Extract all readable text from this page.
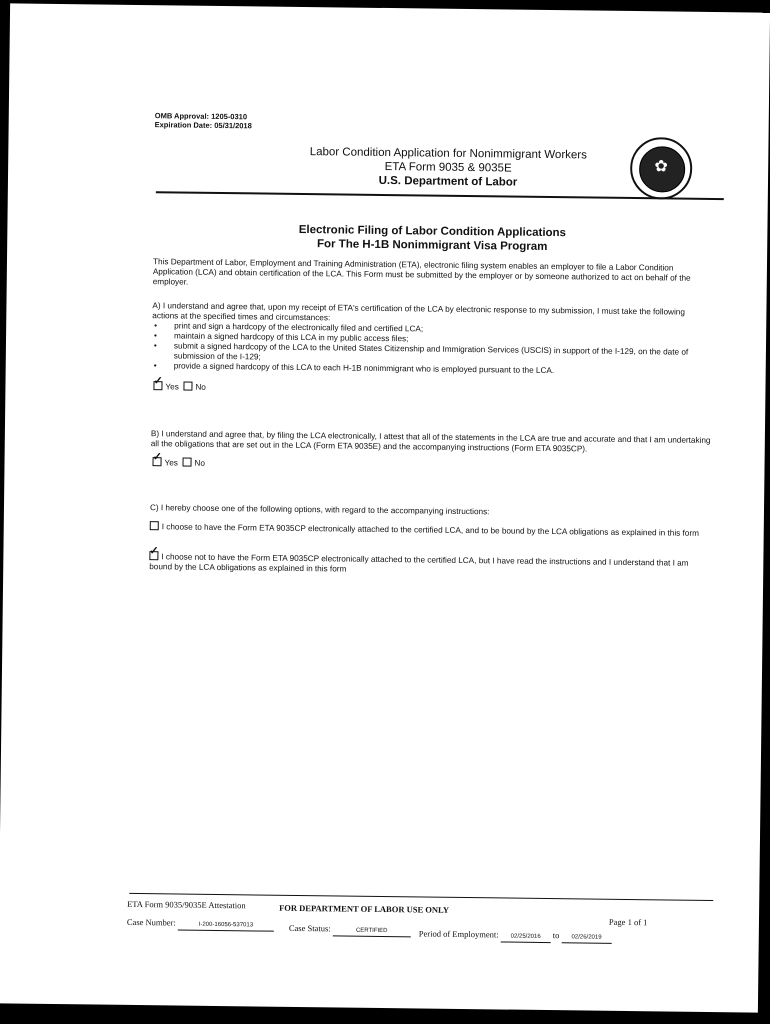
OMB Approval: 1205-0310
Expiration Date: 05/31/2018
Labor Condition Application for Nonimmigrant Workers
ETA Form 9035 & 9035E
U.S. Department of Labor
✿
Electronic Filing of Labor Condition Applications
For The H-1B Nonimmigrant Visa Program
This Department of Labor, Employment and Training Administration (ETA), electronic filing system enables an employer to file a Labor Condition Application (LCA) and obtain certification of the LCA. This Form must be submitted by the employer or by someone authorized to act on behalf of the employer.
A) I understand and agree that, upon my receipt of ETA's certification of the LCA by electronic response to my submission, I must take the following actions at the specified times and circumstances:
• print and sign a hardcopy of the electronically filed and certified LCA;
• maintain a signed hardcopy of this LCA in my public access files;
• submit a signed hardcopy of the LCA to the United States Citizenship and Immigration Services (USCIS) in support of the I-129, on the date of submission of the I-129;
• provide a signed hardcopy of this LCA to each H-1B nonimmigrant who is employed pursuant to the LCA.
✓ Yes No
B) I understand and agree that, by filing the LCA electronically, I attest that all of the statements in the LCA are true and accurate and that I am undertaking all the obligations that are set out in the LCA (Form ETA 9035E) and the accompanying instructions (Form ETA 9035CP).
✓ Yes No
C) I hereby choose one of the following options, with regard to the accompanying instructions:
I choose to have the Form ETA 9035CP electronically attached to the certified LCA, and to be bound by the LCA obligations as explained in this form
✓
I choose not to have the Form ETA 9035CP electronically attached to the certified LCA, but I have read the instructions and I understand that I am bound by the LCA obligations as explained in this form
ETA Form 9035/9035E Attestation	FOR DEPARTMENT OF LABOR USE ONLY
Page 1 of 1
Case Number:	I-200-16056-537013	Case Status:	CERTIFIED	Period of Employment: 02/25/2016 to 02/26/2019
